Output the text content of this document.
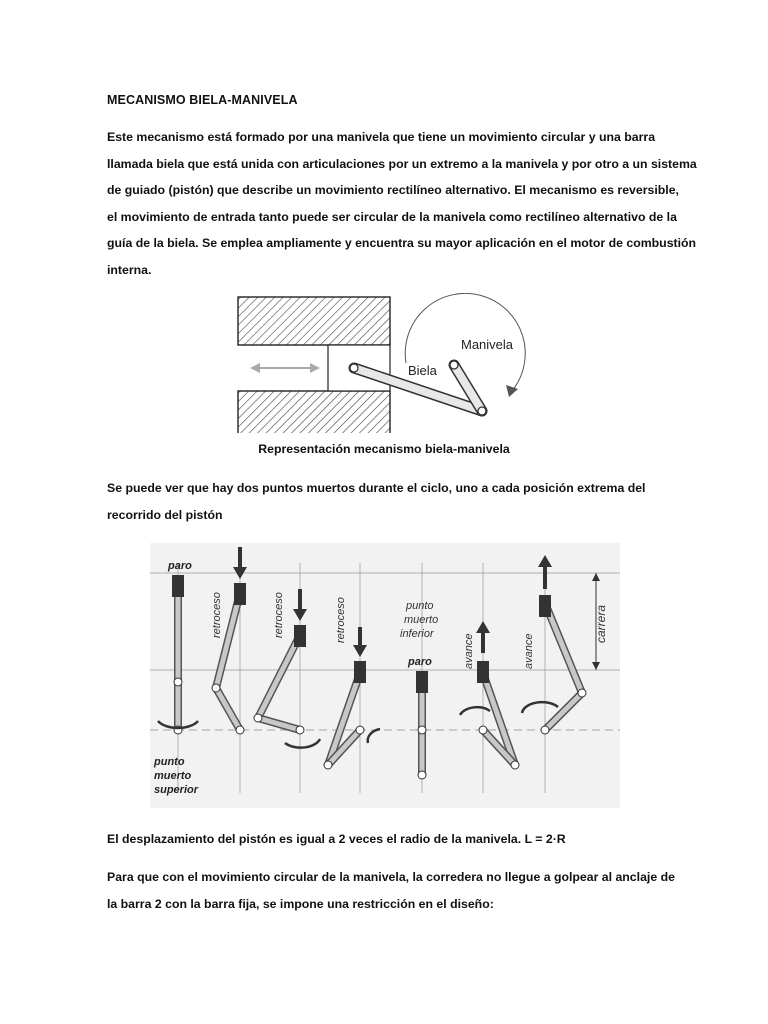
MECANISMO BIELA-MANIVELA

Este mecanismo está formado por una manivela que tiene un movimiento circular y una barra
llamada biela que está unida con articulaciones por un extremo a la manivela y por otro a un sistema
de guiado (pistón) que describe un movimiento rectilíneo alternativo. El mecanismo es reversible,
el movimiento de entrada tanto puede ser circular de la manivela como rectilíneo alternativo de la
guía de la biela. Se emplea ampliamente y encuentra su mayor aplicación en el motor de combustión
interna.

Manivela
Biela
Representación mecanismo biela-manivela

Se puede ver que hay dos puntos muertos durante el ciclo, uno a cada posición extrema del
recorrido del pistón

carrera
paro
punto
muerto
superior
retroceso	retroceso	retroceso	punto
muerto
inferior
paro	avance	avance
El desplazamiento del pistón es igual a 2 veces el radio de la manivela. L = 2·R

Para que con el movimiento circular de la manivela, la corredera no llegue a golpear al anclaje de
la barra 2 con la barra fija, se impone una restricción en el diseño:
